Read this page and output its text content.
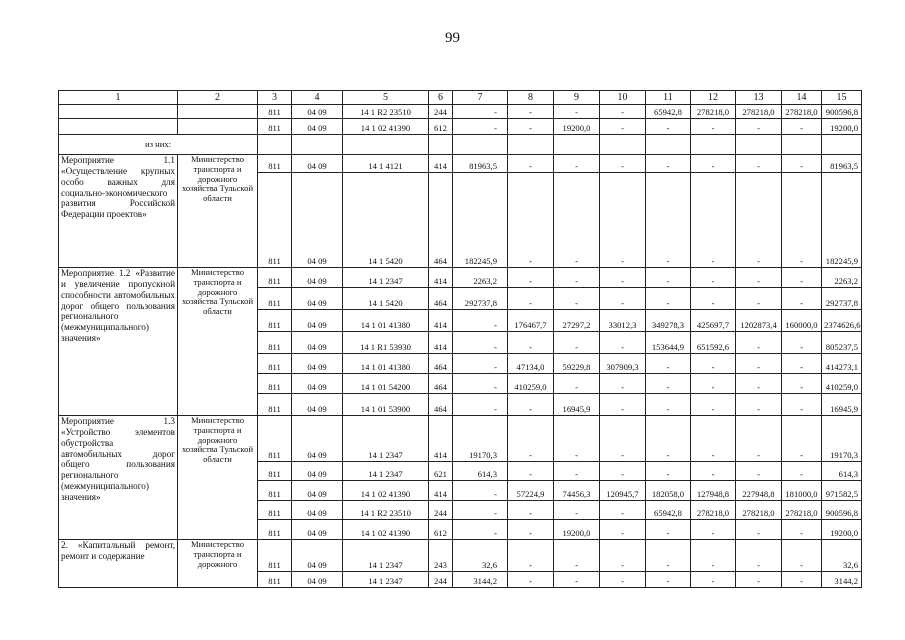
99
1	2	3	4	5	6	7	8	9	10	11	12	13	14	15
		811	04 09	14 1 R2 23510	244	-	-	-	-	65942,8	278218,0	278218,0	278218,0	900596,8
		811	04 09	14 1 02 41390	612	-	-	19200,0	-	-	-	-	-	19200,0
из них:														
Мероприятие 1.1 «Осуществление крупных особо важных для социально-экономического развития Российской Федерации проектов»	Министерство транспорта и дорожного хозяйства Тульской области	811	04 09	14 1 4121	414	81963,5	-	-	-	-	-	-	-	81963,5
		811	04 09	14 1 5420	464	182245,9	-	-	-	-	-	-	-	182245,9
Мероприятие 1.2 «Развитие и увеличение пропускной способности автомобильных дорог общего пользования регионального (межмуниципального) значения»	Министерство транспорта и дорожного хозяйства Тульской области	811	04 09	14 1 2347	414	2263,2	-	-	-	-	-	-	-	2263,2
		811	04 09	14 1 5420	464	292737,8	-	-	-	-	-	-	-	292737,8
		811	04 09	14 1 01 41380	414	-	176467,7	27297,2	33012,3	349278,3	425697,7	1202873,4	160000,0	2374626,6
		811	04 09	14 1 R1 53930	414	-	-	-	-	153644,9	651592,6	-	-	805237,5
		811	04 09	14 1 01 41380	464	-	47134,0	59229,8	307909,3	-	-	-	-	414273,1
		811	04 09	14 1 01 54200	464	-	410259,0	-	-	-	-	-	-	410259,0
		811	04 09	14 1 01 53900	464	-	-	16945,9	-	-	-	-	-	16945,9
Мероприятие 1.3 «Устройство элементов обустройства автомобильных дорог общего пользования регионального (межмуниципального) значения»	Министерство транспорта и дорожного хозяйства Тульской области	811	04 09	14 1 2347	414	19170,3	-	-	-	-	-	-	-	19170,3
		811	04 09	14 1 2347	621	614,3	-	-	-	-	-	-	-	614,3
		811	04 09	14 1 02 41390	414	-	57224,9	74456,3	120945,7	182058,0	127948,8	227948,8	181000,0	971582,5
		811	04 09	14 1 R2 23510	244	-	-	-	-	65942,8	278218,0	278218,0	278218,0	900596,8
		811	04 09	14 1 02 41390	612	-	-	19200,0	-	-	-	-	-	19200,0
2. «Капитальный ремонт, ремонт и содержание	Министерство транспорта и дорожного	811	04 09	14 1 2347	243	32,6	-	-	-	-	-	-	-	32,6
		811	04 09	14 1 2347	244	3144,2	-	-	-	-	-	-	-	3144,2
